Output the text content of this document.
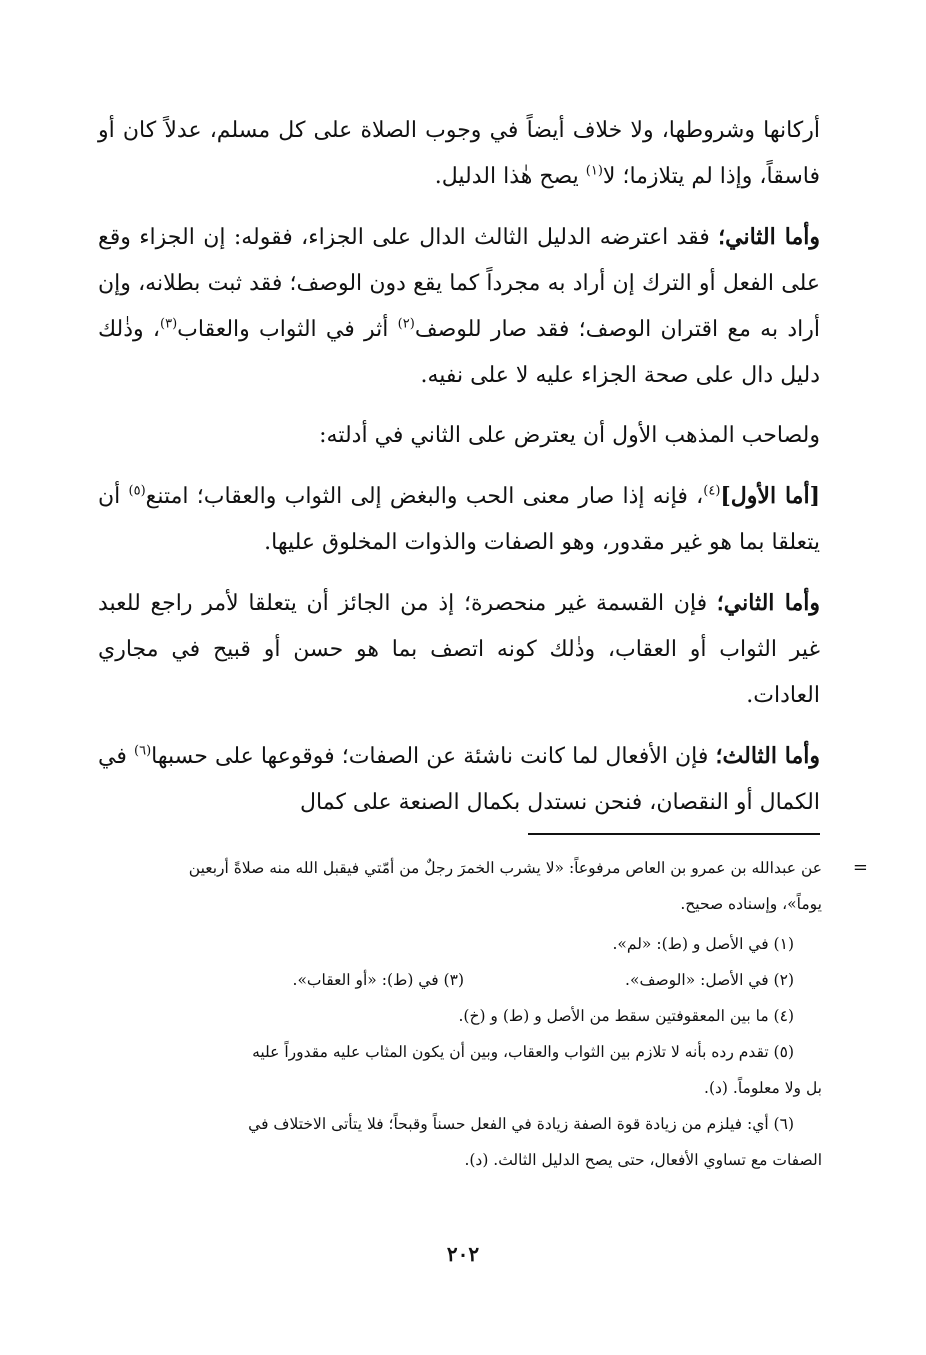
أركانها وشروطها، ولا خلاف أيضاً في وجوب الصلاة على كل مسلم، عدلاً كان أو فاسقاً، وإذا لم يتلازما؛ لا$^{(١)}$ يصح هٰذا الدليل.

وأما الثاني؛ فقد اعترضه الدليل الثالث الدال على الجزاء، فقوله: إن الجزاء وقع على الفعل أو الترك إن أراد به مجرداً كما يقع دون الوصف؛ فقد ثبت بطلانه، وإن أراد به مع اقتران الوصف؛ فقد صار للوصف$^{(٢)}$ أثر في الثواب والعقاب$^{(٣)}$، وذٰلك دليل دال على صحة الجزاء عليه لا على نفيه.

ولصاحب المذهب الأول أن يعترض على الثاني في أدلته:

[أما الأول]$^{(٤)}$، فإنه إذا صار معنى الحب والبغض إلى الثواب والعقاب؛ امتنع$^{(٥)}$ أن يتعلقا بما هو غير مقدور، وهو الصفات والذوات المخلوق عليها.

وأما الثاني؛ فإن القسمة غير منحصرة؛ إذ من الجائز أن يتعلقا لأمر راجع للعبد غير الثواب أو العقاب، وذٰلك كونه اتصف بما هو حسن أو قبيح في مجاري العادات.

وأما الثالث؛ فإن الأفعال لما كانت ناشئة عن الصفات؛ فوقوعها على حسبها$^{(٦)}$ في الكمال أو النقصان، فنحن نستدل بكمال الصنعة على كمال

=
عن عبدالله بن عمرو بن العاص مرفوعاً: «لا يشرب الخمرَ رجلٌ من أمّتي فيقبل الله منه صلاةً أربعين

يوماً»، وإسناده صحيح.

(١) في الأصل و (ط): «لم».

(٢) في الأصل: «الوصف».
(٣) في (ط): «أو العقاب».

(٤) ما بين المعقوفتين سقط من الأصل و (ط) و (خ).

(٥) تقدم رده بأنه لا تلازم بين الثواب والعقاب، وبين أن يكون المثاب عليه مقدوراً عليه

بل ولا معلوماً. (د).

(٦) أي: فيلزم من زيادة قوة الصفة زيادة في الفعل حسناً وقبحاً؛ فلا يتأتى الاختلاف في

الصفات مع تساوي الأفعال، حتى يصح الدليل الثالث. (د).

٢٠٢
